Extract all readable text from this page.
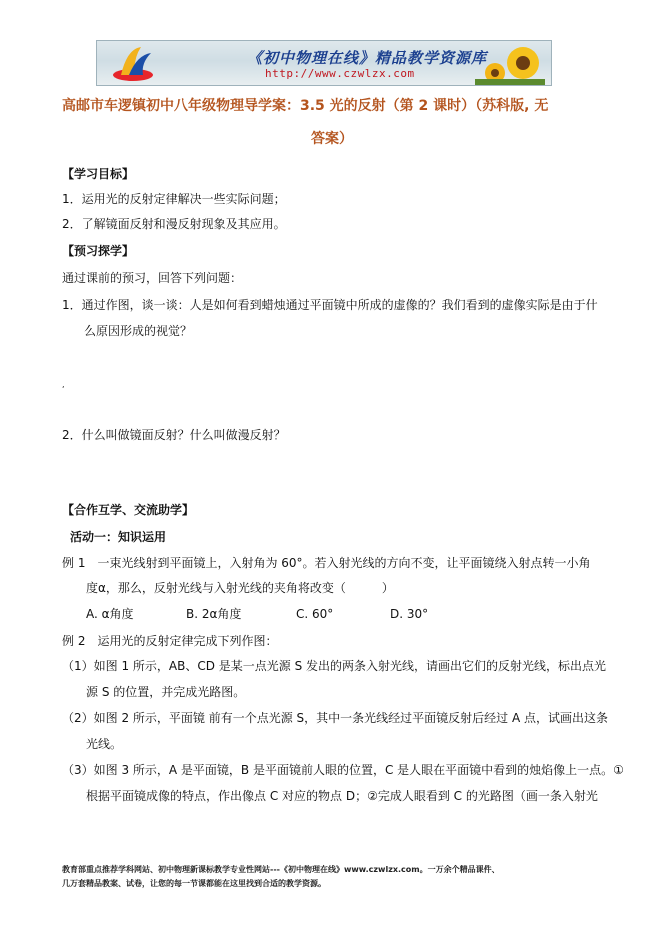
《初中物理在线》精品教学资源库
http://www.czwlzx.com
高邮市车逻镇初中八年级物理导学案：3.5 光的反射（第 2 课时）（苏科版, 无
答案）
【学习目标】
1．运用光的反射定律解决一些实际问题；
2．了解镜面反射和漫反射现象及其应用。
【预习探学】
通过课前的预习，回答下列问题：
1．通过作图，谈一谈：人是如何看到蜡烛通过平面镜中所成的虚像的？我们看到的虚像实际是由于什
么原因形成的视觉？
,
2．什么叫做镜面反射？什么叫做漫反射？
【合作互学、交流助学】
活动一：知识运用
例 1　一束光线射到平面镜上，入射角为 60°。若入射光线的方向不变，让平面镜绕入射点转一小角
度α，那么，反射光线与入射光线的夹角将改变（　　　）
A. α角度	B. 2α角度	C. 60°	D. 30°
例 2　运用光的反射定律完成下列作图：
（1）如图 1 所示，AB、CD 是某一点光源 S 发出的两条入射光线，请画出它们的反射光线，标出点光
源 S 的位置，并完成光路图。
（2）如图 2 所示，平面镜 前有一个点光源 S，其中一条光线经过平面镜反射后经过 A 点，试画出这条
光线。
（3）如图 3 所示，A 是平面镜，B 是平面镜前人眼的位置，C 是人眼在平面镜中看到的烛焰像上一点。①
根据平面镜成像的特点，作出像点 C 对应的物点 D；②完成人眼看到 C 的光路图（画一条入射光
教育部重点推荐学科网站、初中物理新课标教学专业性网站---《初中物理在线》www.czwlzx.com。一万余个精品课件、
几万套精品教案、试卷，让您的每一节课都能在这里找到合适的教学资源。
